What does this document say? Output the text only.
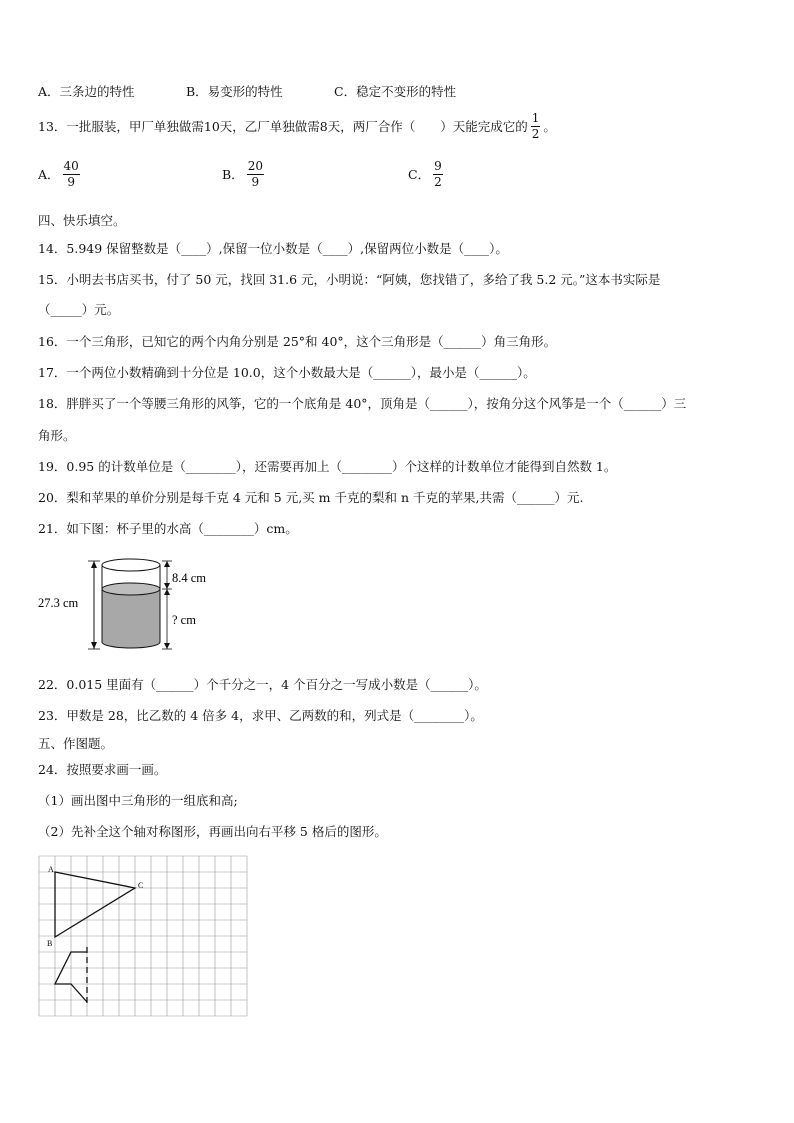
A．三条边的特性	B．易变形的特性	C．稳定不变形的特性
13．一批服装，甲厂单独做需10天，乙厂单独做需8天，两厂合作（　　）天能完成它的 $\frac{1}{2}$ 。
A． $\frac{40}{9}$	B． $\frac{20}{9}$	C． $\frac{9}{2}$
四、快乐填空。
14．5.949 保留整数是（____）,保留一位小数是（____）,保留两位小数是（____）。
15．小明去书店买书，付了 50 元，找回 31.6 元，小明说：“阿姨，您找错了，多给了我 5.2 元。”这本书实际是
（_____）元。
16．一个三角形，已知它的两个内角分别是 25°和 40°，这个三角形是（______）角三角形。
17．一个两位小数精确到十分位是 10.0，这个小数最大是（______），最小是（______）。
18．胖胖买了一个等腰三角形的风筝，它的一个底角是 40°，顶角是（______），按角分这个风筝是一个（______）三
角形。
19．0.95 的计数单位是（________），还需要再加上（________）个这样的计数单位才能得到自然数 1。
20．梨和苹果的单价分别是每千克 4 元和 5 元,买 m 千克的梨和 n 千克的苹果,共需（______）元.
21．如下图：杯子里的水高（________）cm。
27.3 cm
8.4 cm
? cm
22．0.015 里面有（______）个千分之一，4 个百分之一写成小数是（______）。
23．甲数是 28，比乙数的 4 倍多 4，求甲、乙两数的和，列式是（________）。
五、作图题。
24．按照要求画一画。
（1）画出图中三角形的一组底和高;
（2）先补全这个轴对称图形，再画出向右平移 5 格后的图形。
A
B
C
